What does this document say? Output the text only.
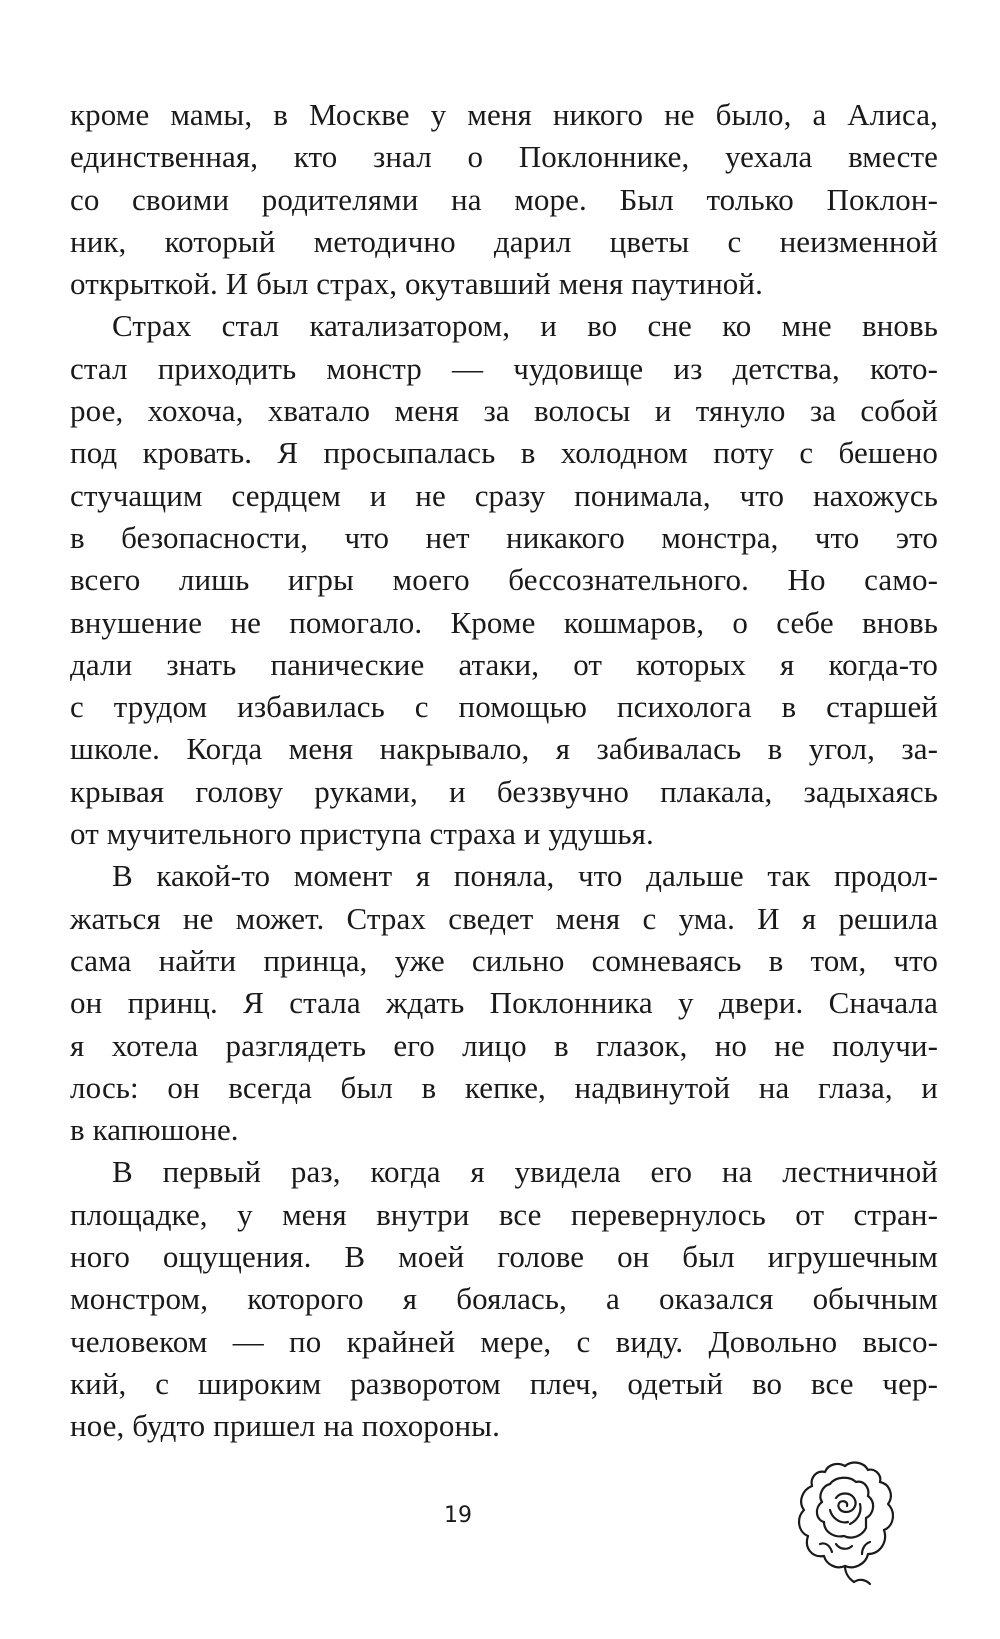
кроме мамы, в Москве у меня никого не было, а Алиса,
единственная, кто знал о Поклоннике, уехала вместе
со своими родителями на море. Был только Поклон-
ник, который методично дарил цветы с неизменной
открыткой. И был страх, окутавший меня паутиной.
Страх стал катализатором, и во сне ко мне вновь
стал приходить монстр — чудовище из детства, кото-
рое, хохоча, хватало меня за волосы и тянуло за собой
под кровать. Я просыпалась в холодном поту с бешено
стучащим сердцем и не сразу понимала, что нахожусь
в безопасности, что нет никакого монстра, что это
всего лишь игры моего бессознательного. Но само-
внушение не помогало. Кроме кошмаров, о себе вновь
дали знать панические атаки, от которых я когда-то
с трудом избавилась с помощью психолога в старшей
школе. Когда меня накрывало, я забивалась в угол, за-
крывая голову руками, и беззвучно плакала, задыхаясь
от мучительного приступа страха и удушья.
В какой-то момент я поняла, что дальше так продол-
жаться не может. Страх сведет меня с ума. И я решила
сама найти принца, уже сильно сомневаясь в том, что
он принц. Я стала ждать Поклонника у двери. Сначала
я хотела разглядеть его лицо в глазок, но не получи-
лось: он всегда был в кепке, надвинутой на глаза, и
в капюшоне.
В первый раз, когда я увидела его на лестничной
площадке, у меня внутри все перевернулось от стран-
ного ощущения. В моей голове он был игрушечным
монстром, которого я боялась, а оказался обычным
человеком — по крайней мере, с виду. Довольно высо-
кий, с широким разворотом плеч, одетый во все чер-
ное, будто пришел на похороны.
19
